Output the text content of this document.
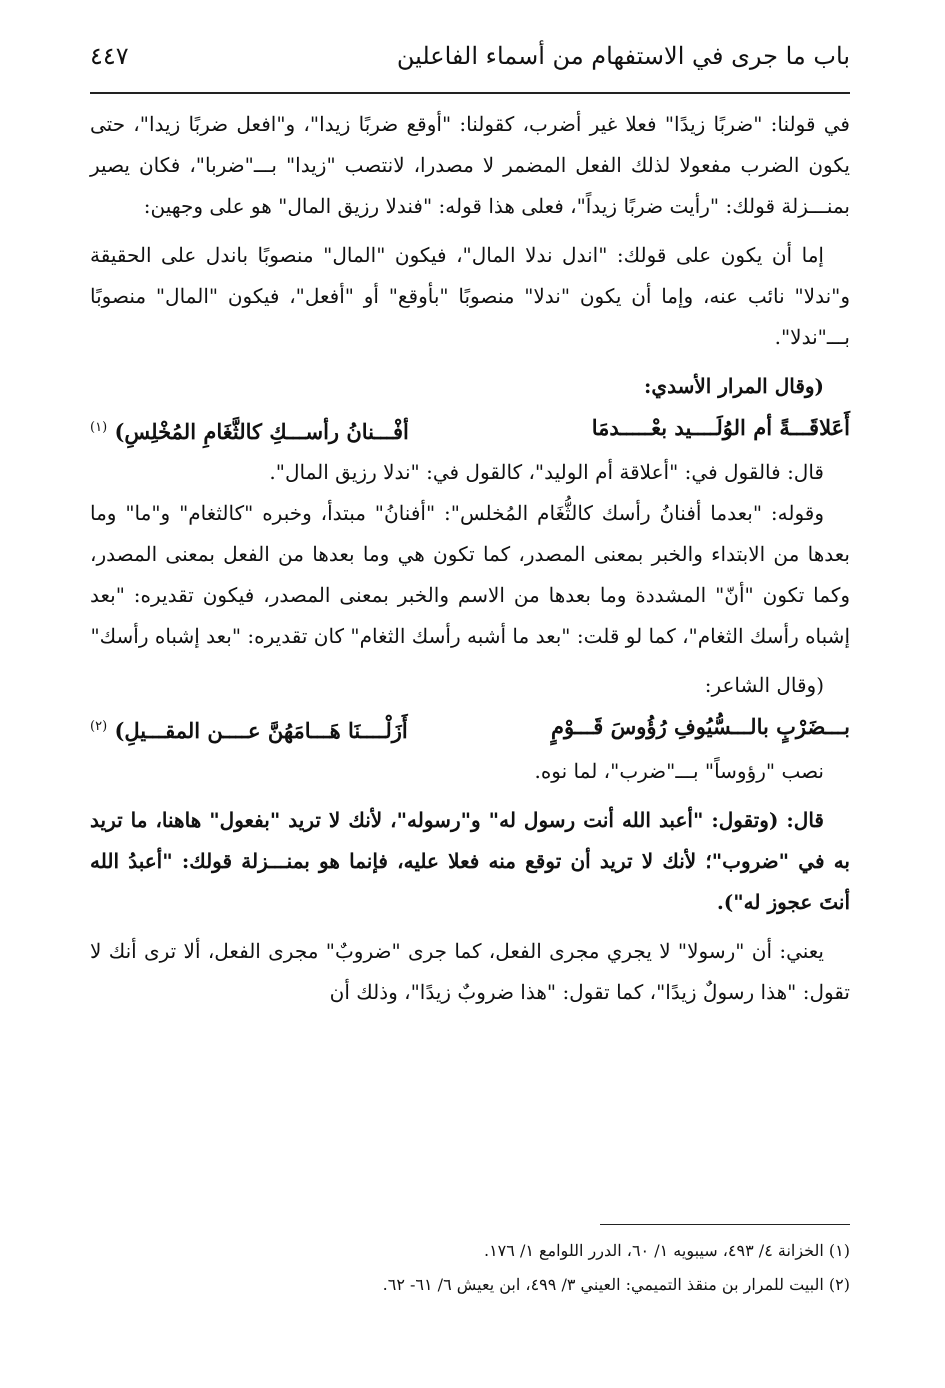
باب ما جرى في الاستفهام من أسماء الفاعلين
٤٤٧

في قولنا: "ضربًا زيدًا" فعلا غير أضرب، كقولنا: "أوقع ضربًا زيدا"، و"افعل ضربًا زيدا"، حتى يكون الضرب مفعولا لذلك الفعل المضمر لا مصدرا، لانتصب "زيدا" بـــ"ضربا"، فكان يصير بمنـــزلة قولك: "رأيت ضربًا زيداً"، فعلى هذا قوله: "فندلا رزيق المال" هو على وجهين:

إما أن يكون على قولك: "اندل ندلا المال"، فيكون "المال" منصوبًا باندل على الحقيقة و"ندلا" نائب عنه، وإما أن يكون "ندلا" منصوبًا "بأوقع" أو "أفعل"، فيكون "المال" منصوبًا بـــ"ندلا".

(وقال المرار الأسدي:

أَعَلاقَـــةً أم الوُلَــــيد بعْـــــدمَا
أفْـــنانُ رأســـكِ كالثَّغَامِ المُخْلِسِ) $^{(١)}$

قال: فالقول في: "أعلاقة أم الوليد"، كالقول في: "ندلا رزيق المال".

وقوله: "بعدما أفنانُ رأسك كالثُّغَام المُخلس": "أفنانُ" مبتدأ، وخبره "كالثغام" و"ما" وما بعدها من الابتداء والخبر بمعنى المصدر، كما تكون هي وما بعدها من الفعل بمعنى المصدر، وكما تكون "أنّ" المشددة وما بعدها من الاسم والخبر بمعنى المصدر، فيكون تقديره: "بعد إشباه رأسك الثغام"، كما لو قلت: "بعد ما أشبه رأسك الثغام" كان تقديره: "بعد إشباه رأسك"

(وقال الشاعر:

بـــضَرْبٍ بالـــسُّيُوفِ رُؤُوسَ قَـــوْمٍ
أَزَلْــــنَا هَـــامَهُنَّ عــــن المقـــيلِ) $^{(٢)}$

نصب "رؤوساً" بـــ"ضرب"، لما نوه.

قال: (وتقول: "أعبد الله أنت رسول له" و"رسوله"، لأنك لا تريد "بفعول" هاهنا، ما تريد به في "ضروب"؛ لأنك لا تريد أن توقع منه فعلا عليه، فإنما هو بمنـــزلة قولك: "أعبدُ الله أنتَ عجوز له").

يعني: أن "رسولا" لا يجري مجرى الفعل، كما جرى "ضروبٌ" مجرى الفعل، ألا ترى أنك لا تقول: "هذا رسولٌ زيدًا"، كما تقول: "هذا ضروبٌ زيدًا"، وذلك أن

(١) الخزانة ٤/ ٤٩٣، سيبويه ١/ ٦٠، الدرر اللوامع ١/ ١٧٦.

(٢) البيت للمرار بن منقذ التميمي: العيني ٣/ ٤٩٩، ابن يعيش ٦/ ٦١- ٦٢.
